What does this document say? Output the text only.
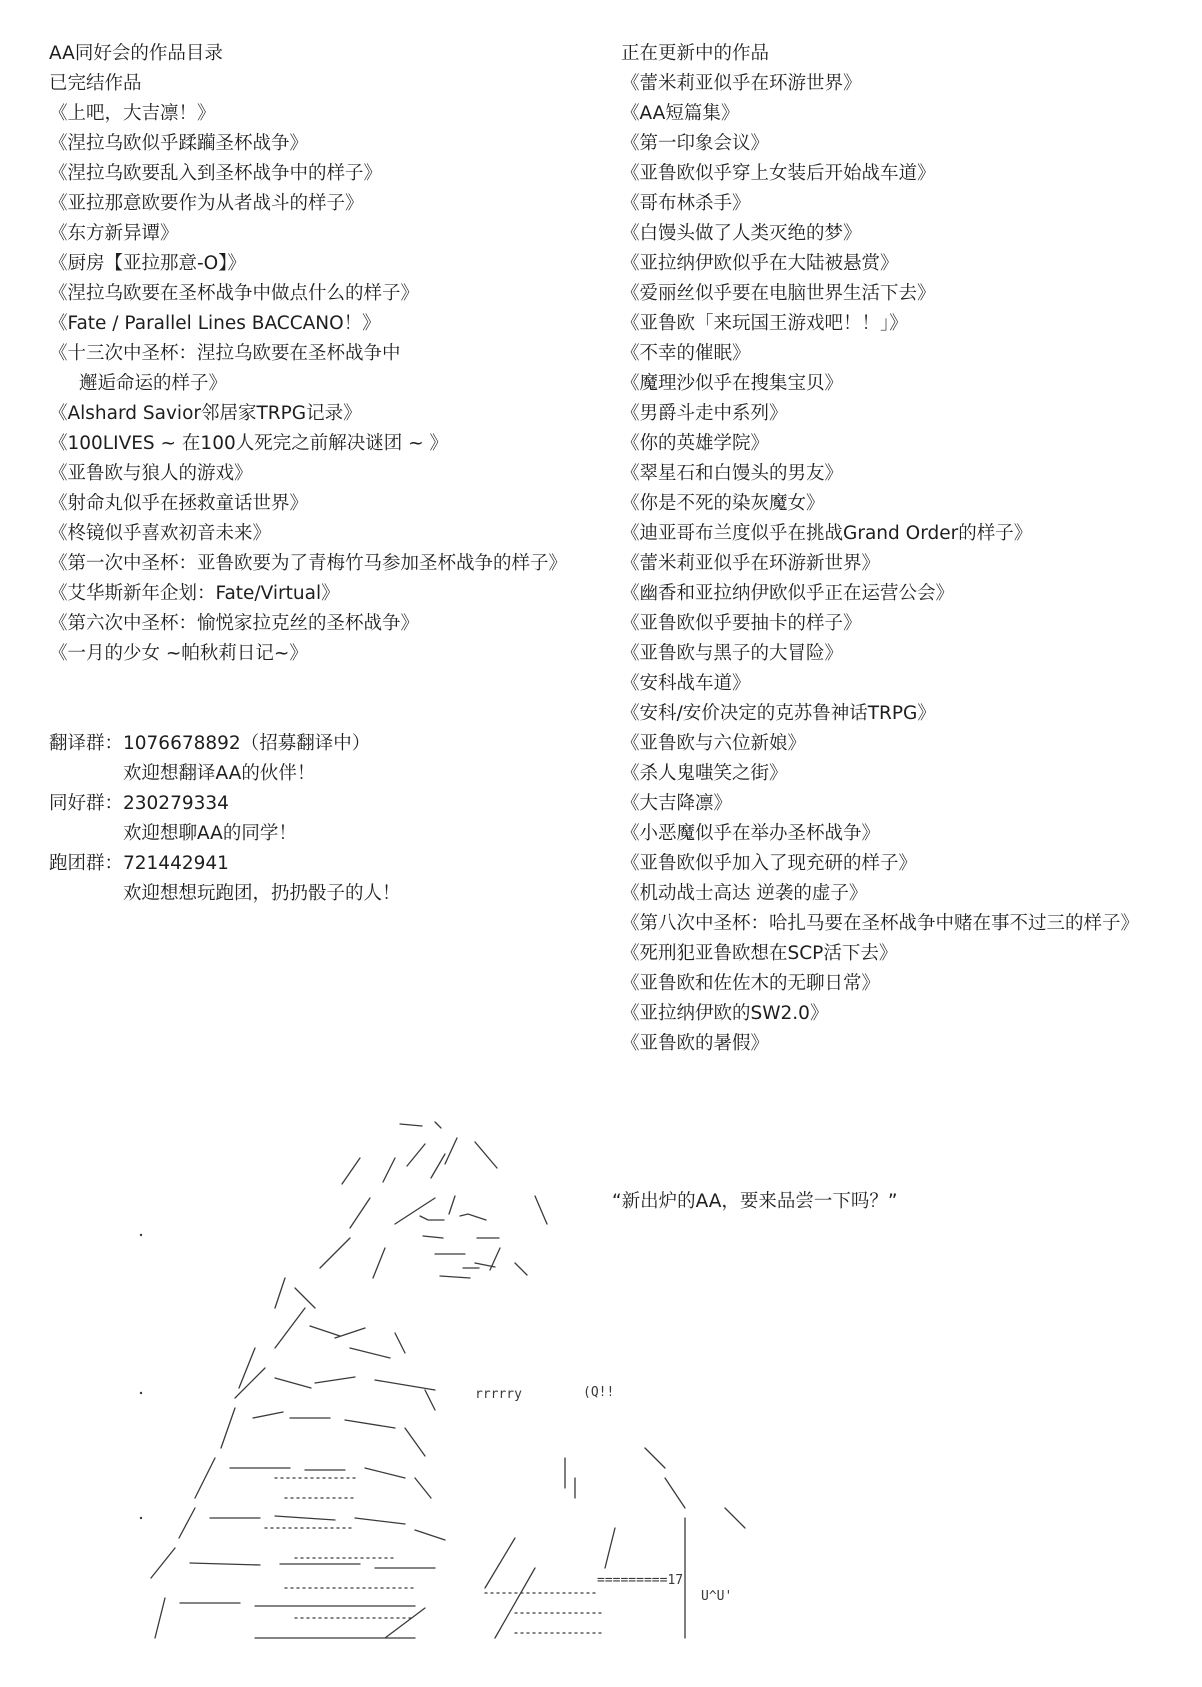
AA同好会的作品目录
已完结作品
《上吧，大吉凛！》
《涅拉乌欧似乎蹂躏圣杯战争》
《涅拉乌欧要乱入到圣杯战争中的样子》
《亚拉那意欧要作为从者战斗的样子》
《东方新异谭》
《厨房【亚拉那意-O】》
《涅拉乌欧要在圣杯战争中做点什么的样子》
《Fate / Parallel Lines BACCANO！》
《十三次中圣杯：涅拉乌欧要在圣杯战争中
邂逅命运的样子》
《Alshard Savior邻居家TRPG记录》
《100LIVES ~ 在100人死完之前解决谜团 ~ 》
《亚鲁欧与狼人的游戏》
《射命丸似乎在拯救童话世界》
《柊镜似乎喜欢初音未来》
《第一次中圣杯：亚鲁欧要为了青梅竹马参加圣杯战争的样子》
《艾华斯新年企划：Fate/Virtual》
《第六次中圣杯：愉悦家拉克丝的圣杯战争》
《一月的少女 ~帕秋莉日记~》
翻译群： 1076678892（招募翻译中）
欢迎想翻译AA的伙伴！
同好群： 230279334
欢迎想聊AA的同学！
跑团群： 721442941
欢迎想想玩跑团，扔扔骰子的人！
正在更新中的作品
《蕾米莉亚似乎在环游世界》
《AA短篇集》
《第一印象会议》
《亚鲁欧似乎穿上女装后开始战车道》
《哥布林杀手》
《白馒头做了人类灭绝的梦》
《亚拉纳伊欧似乎在大陆被悬赏》
《爱丽丝似乎要在电脑世界生活下去》
《亚鲁欧「来玩国王游戏吧！！」》
《不幸的催眠》
《魔理沙似乎在搜集宝贝》
《男爵斗走中系列》
《你的英雄学院》
《翠星石和白馒头的男友》
《你是不死的染灰魔女》
《迪亚哥布兰度似乎在挑战Grand Order的样子》
《蕾米莉亚似乎在环游新世界》
《幽香和亚拉纳伊欧似乎正在运营公会》
《亚鲁欧似乎要抽卡的样子》
《亚鲁欧与黑子的大冒险》
《安科战车道》
《安科/安价决定的克苏鲁神话TRPG》
《亚鲁欧与六位新娘》
《杀人鬼嗤笑之街》
《大吉降凛》
《小恶魔似乎在举办圣杯战争》
《亚鲁欧似乎加入了现充研的样子》
《机动战士高达 逆袭的虚子》
《第八次中圣杯：哈扎马要在圣杯战争中赌在事不过三的样子》
《死刑犯亚鲁欧想在SCP活下去》
《亚鲁欧和佐佐木的无聊日常》
《亚拉纳伊欧的SW2.0》
《亚鲁欧的暑假》
rrrrry	(Q!!
=========17
U^U'
“新出炉的AA，要来品尝一下吗？”
